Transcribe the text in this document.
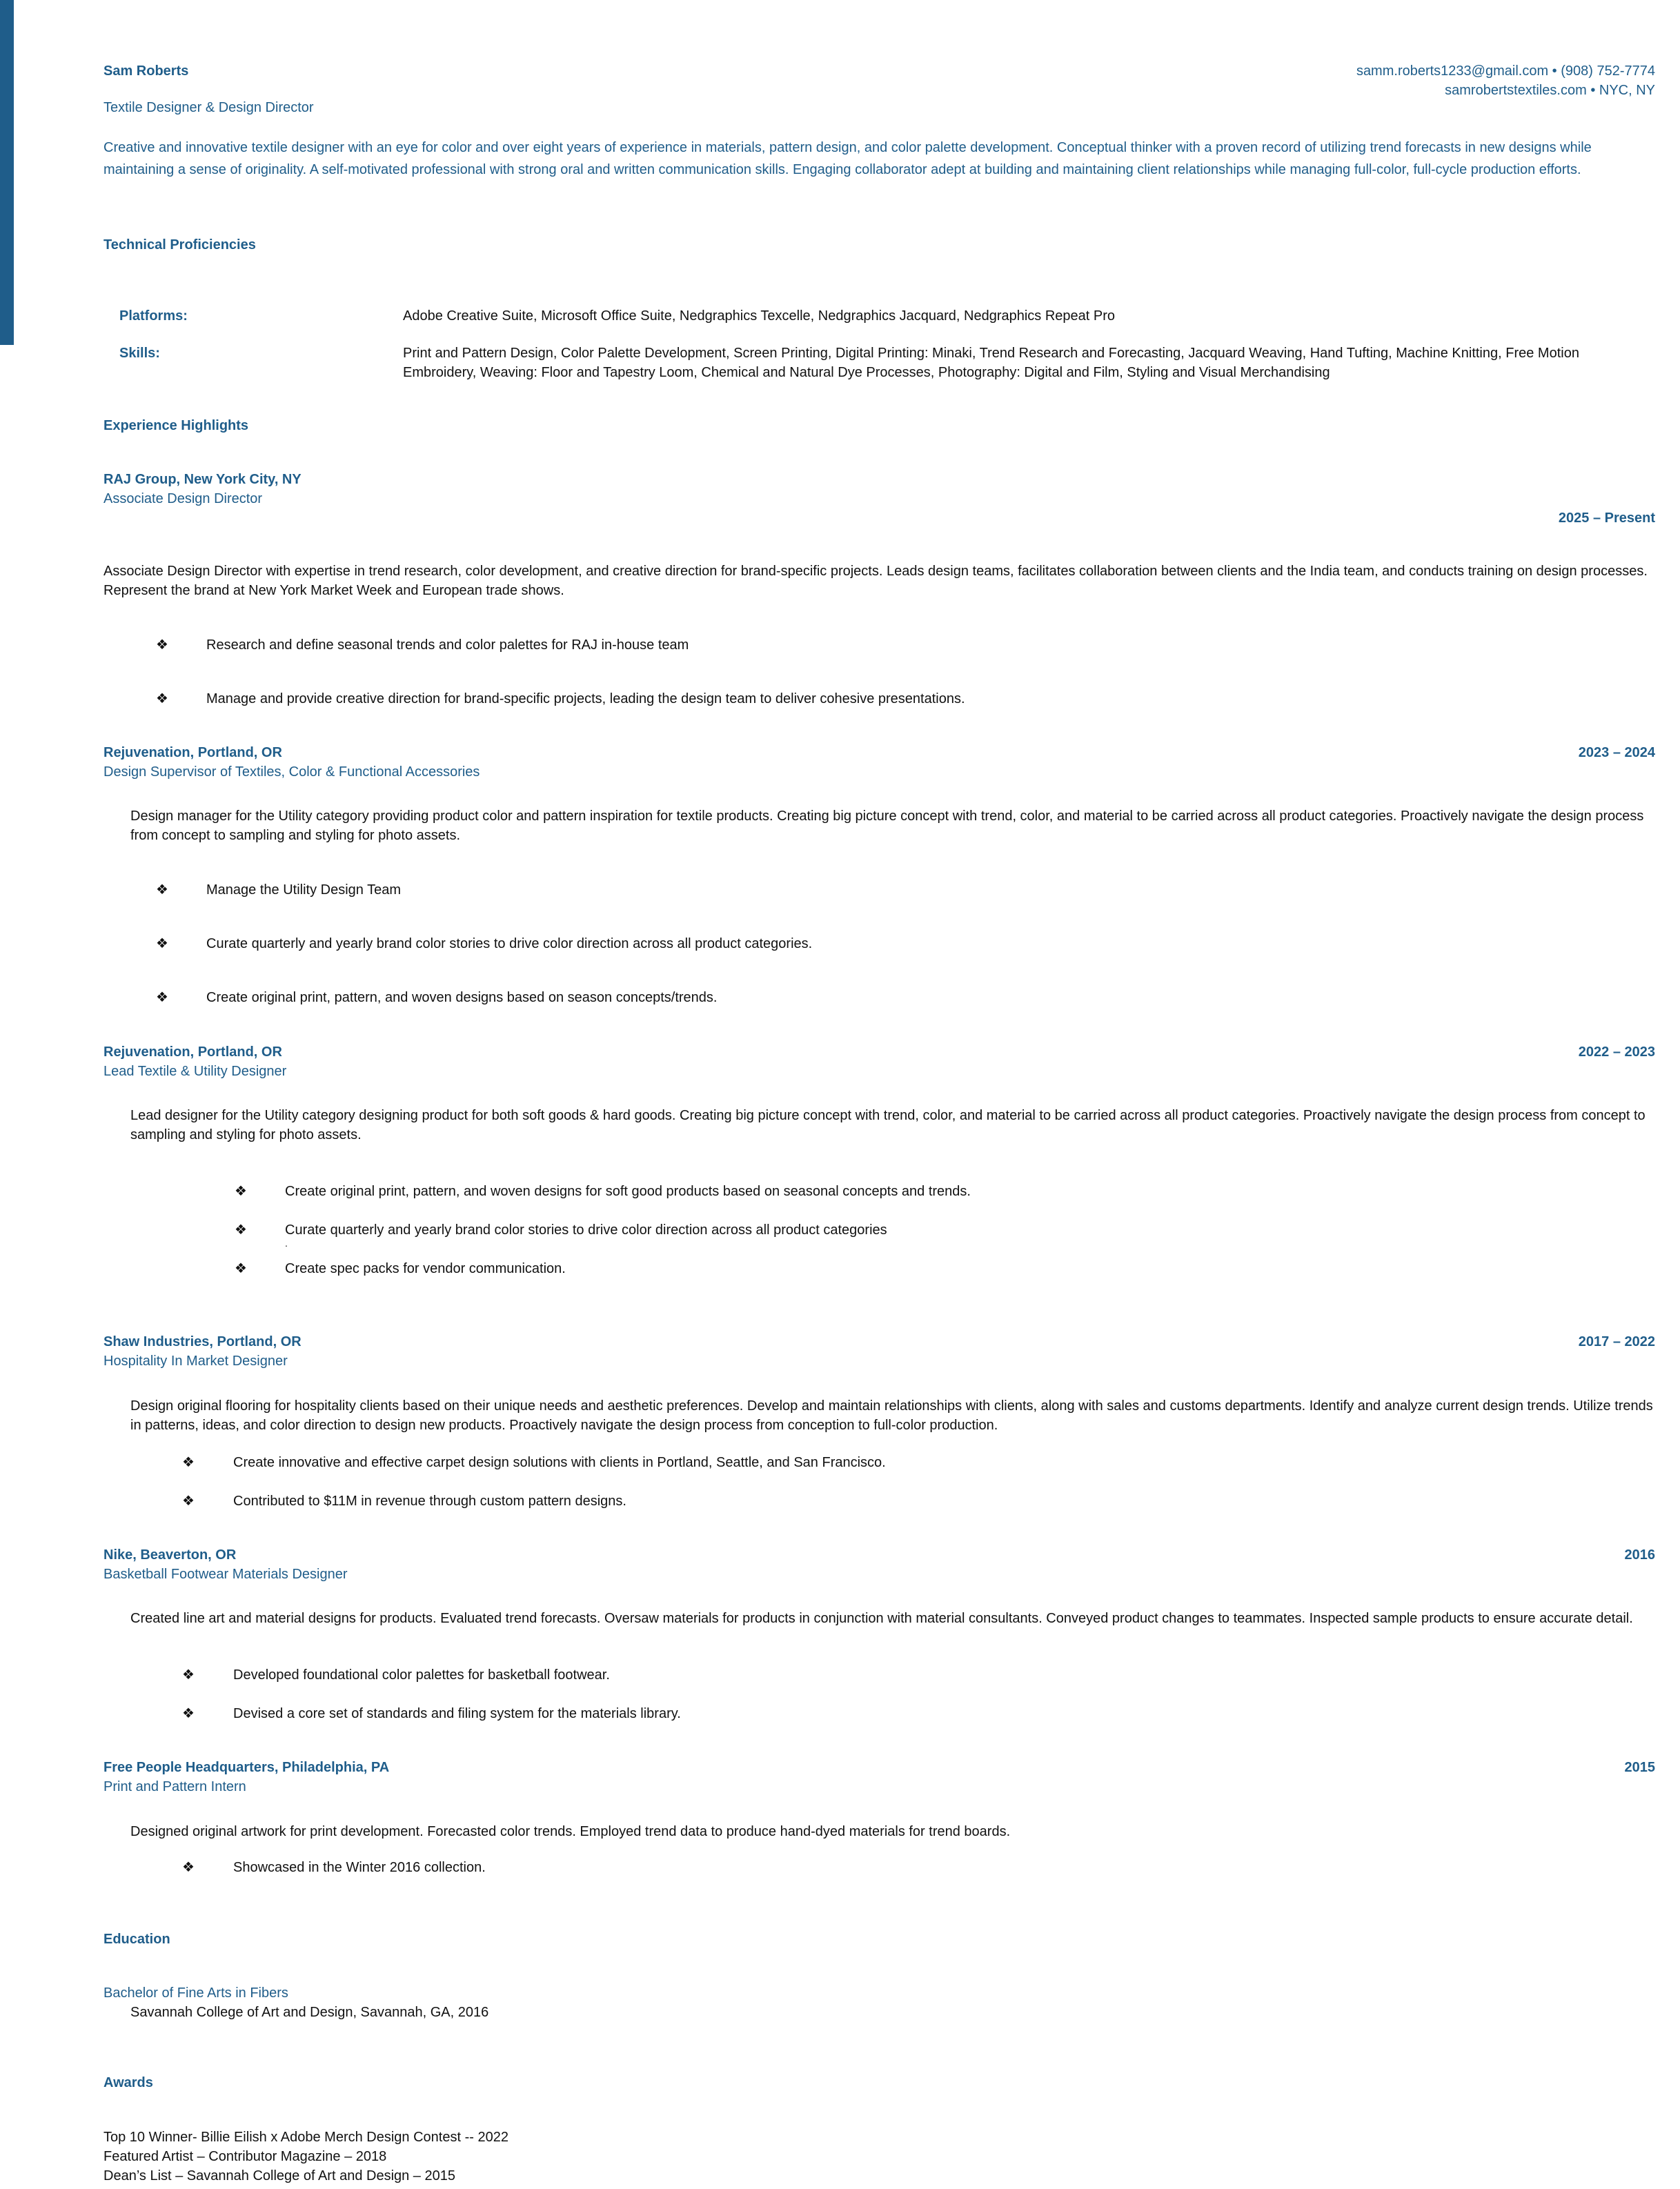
Sam Roberts	samm.roberts1233@gmail.com • (908) 752-7774
samrobertstextiles.com • NYC, NY
Textile Designer & Design Director
Creative and innovative textile designer with an eye for color and over eight years of experience in materials, pattern design, and color palette development. Conceptual thinker with a proven record of utilizing trend forecasts in new designs while maintaining a sense of originality. A self-motivated professional with strong oral and written communication skills. Engaging collaborator adept at building and maintaining client relationships while managing full-color, full-cycle production efforts.
Technical Proficiencies
Platforms:	Adobe Creative Suite, Microsoft Office Suite, Nedgraphics Texcelle, Nedgraphics Jacquard, Nedgraphics Repeat Pro
Skills:	Print and Pattern Design, Color Palette Development, Screen Printing, Digital Printing: Minaki, Trend Research and Forecasting, Jacquard Weaving, Hand Tufting, Machine Knitting, Free Motion Embroidery, Weaving: Floor and Tapestry Loom, Chemical and Natural Dye Processes, Photography: Digital and Film, Styling and Visual Merchandising
Experience Highlights
RAJ Group, New York City, NY
Associate Design Director
2025 – Present
Associate Design Director with expertise in trend research, color development, and creative direction for brand-specific projects. Leads design teams, facilitates collaboration between clients and the India team, and conducts training on design processes. Represent the brand at New York Market Week and European trade shows.
❖	Research and define seasonal trends and color palettes for RAJ in-house team
❖	Manage and provide creative direction for brand-specific projects, leading the design team to deliver cohesive presentations.
Rejuvenation, Portland, OR	2023 – 2024
Design Supervisor of Textiles, Color & Functional Accessories
Design manager for the Utility category providing product color and pattern inspiration for textile products. Creating big picture concept with trend, color, and material to be carried across all product categories. Proactively navigate the design process from concept to sampling and styling for photo assets.
❖	Manage the Utility Design Team
❖	Curate quarterly and yearly brand color stories to drive color direction across all product categories.
❖	Create original print, pattern, and woven designs based on season concepts/trends.
Rejuvenation, Portland, OR	2022 – 2023
Lead Textile & Utility Designer
Lead designer for the Utility category designing product for both soft goods & hard goods. Creating big picture concept with trend, color, and material to be carried across all product categories. Proactively navigate the design process from concept to sampling and styling for photo assets.
❖	Create original print, pattern, and woven designs for soft good products based on seasonal concepts and trends.
❖	Curate quarterly and yearly brand color stories to drive color direction across all product categories
.
❖	Create spec packs for vendor communication.
Shaw Industries, Portland, OR	2017 – 2022
Hospitality In Market Designer
Design original flooring for hospitality clients based on their unique needs and aesthetic preferences. Develop and maintain relationships with clients, along with sales and customs departments. Identify and analyze current design trends. Utilize trends in patterns, ideas, and color direction to design new products. Proactively navigate the design process from conception to full-color production.
❖	Create innovative and effective carpet design solutions with clients in Portland, Seattle, and San Francisco.
❖	Contributed to $11M in revenue through custom pattern designs.
Nike, Beaverton, OR	2016
Basketball Footwear Materials Designer
Created line art and material designs for products. Evaluated trend forecasts. Oversaw materials for products in conjunction with material consultants. Conveyed product changes to teammates. Inspected sample products to ensure accurate detail.
❖	Developed foundational color palettes for basketball footwear.
❖	Devised a core set of standards and filing system for the materials library.
Free People Headquarters, Philadelphia, PA	2015
Print and Pattern Intern
Designed original artwork for print development. Forecasted color trends. Employed trend data to produce hand-dyed materials for trend boards.
❖	Showcased in the Winter 2016 collection.
Education
Bachelor of Fine Arts in Fibers
Savannah College of Art and Design, Savannah, GA, 2016
Awards
Top 10 Winner- Billie Eilish x Adobe Merch Design Contest -- 2022
Featured Artist – Contributor Magazine – 2018
Dean’s List – Savannah College of Art and Design – 2015
